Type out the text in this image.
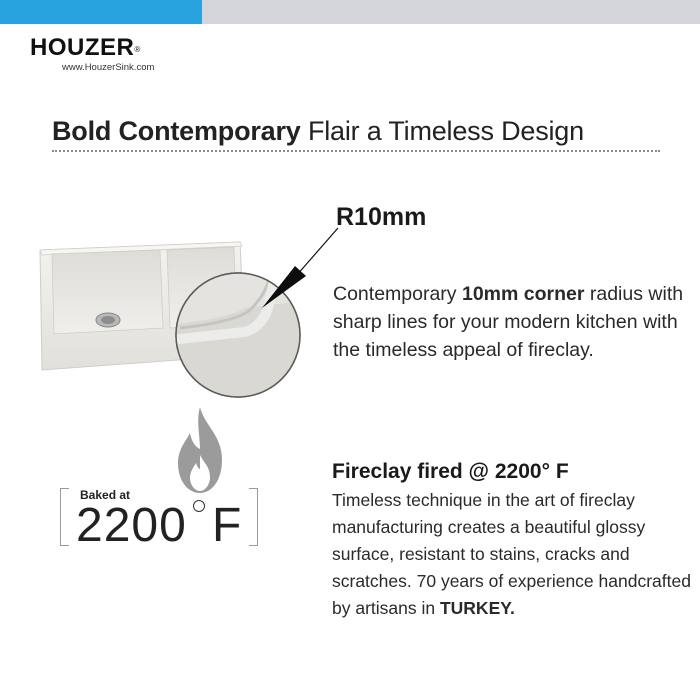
HOUZER®
www.HouzerSink.com
Bold Contemporary Flair a Timeless Design
R10mm
Contemporary 10mm corner radius with sharp lines for your modern kitchen with the timeless appeal of fireclay.
Baked at
2200 F
Fireclay fired @ 2200° F
Timeless technique in the art of fireclay manufacturing creates a beautiful glossy surface, resistant to stains, cracks and scratches. 70 years of experience handcrafted by artisans in TURKEY.
